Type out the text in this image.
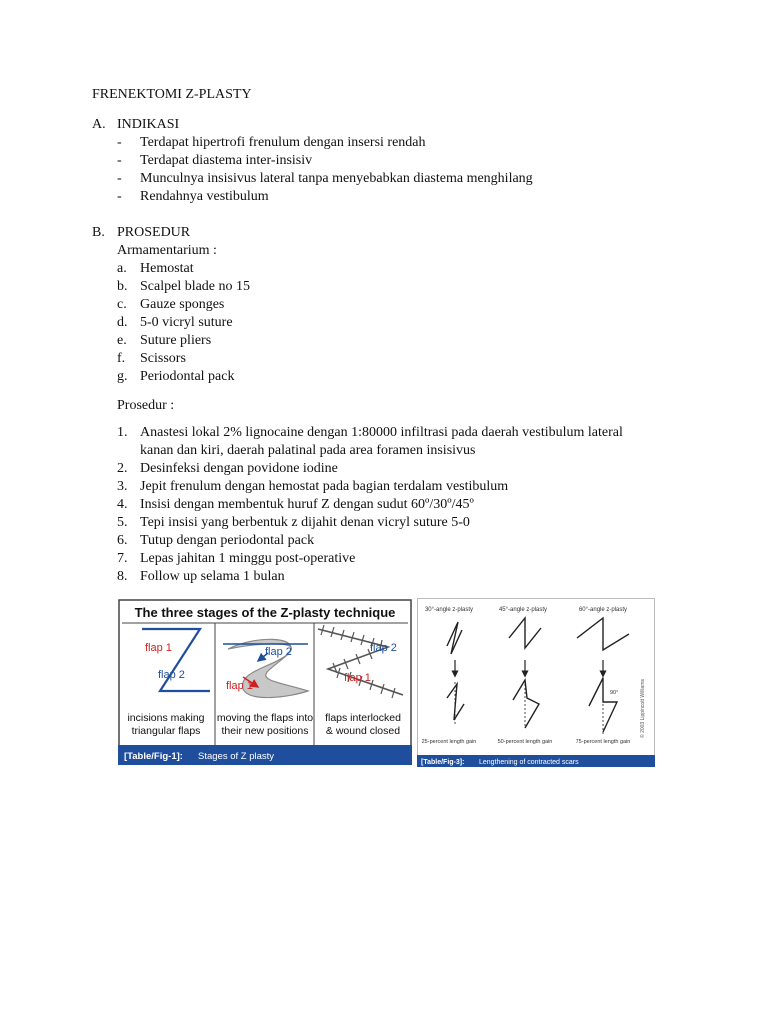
FRENEKTOMI Z-PLASTY
A. INDIKASI
- Terdapat hipertrofi frenulum dengan insersi rendah
- Terdapat diastema inter-insisiv
- Munculnya insisivus lateral tanpa menyebabkan diastema menghilang
- Rendahnya vestibulum
B. PROSEDUR
Armamentarium :
a. Hemostat
b. Scalpel blade no 15
c. Gauze sponges
d. 5-0 vicryl suture
e. Suture pliers
f. Scissors
g. Periodontal pack
Prosedur :
1. Anastesi lokal 2% lignocaine dengan 1:80000 infiltrasi pada daerah vestibulum lateral
kanan dan kiri, daerah palatinal pada area foramen insisivus
2. Desinfeksi dengan povidone iodine
3. Jepit frenulum dengan hemostat pada bagian terdalam vestibulum
4. Insisi dengan membentuk huruf Z dengan sudut 60º/30º/45º
5. Tepi insisi yang berbentuk z dijahit denan vicryl suture 5-0
6. Tutup dengan periodontal pack
7. Lepas jahitan 1 minggu post-operative
8. Follow up selama 1 bulan
The three stages of the Z-plasty technique
flap 1
flap 2
incisions making
triangular flaps
flap 2
flap 1
moving the flaps into
their new positions
flap 2
flap 1
flaps interlocked
& wound closed
[Table/Fig-1]: Stages of Z plasty
30°-angle z-plasty	45°-angle z-plasty	60°-angle z-plasty
90°
25-percent length gain	50-percent length gain	75-percent length gain
© 2003 Lippincott Williams
[Table/Fig-3]: Lengthening of contracted scars
